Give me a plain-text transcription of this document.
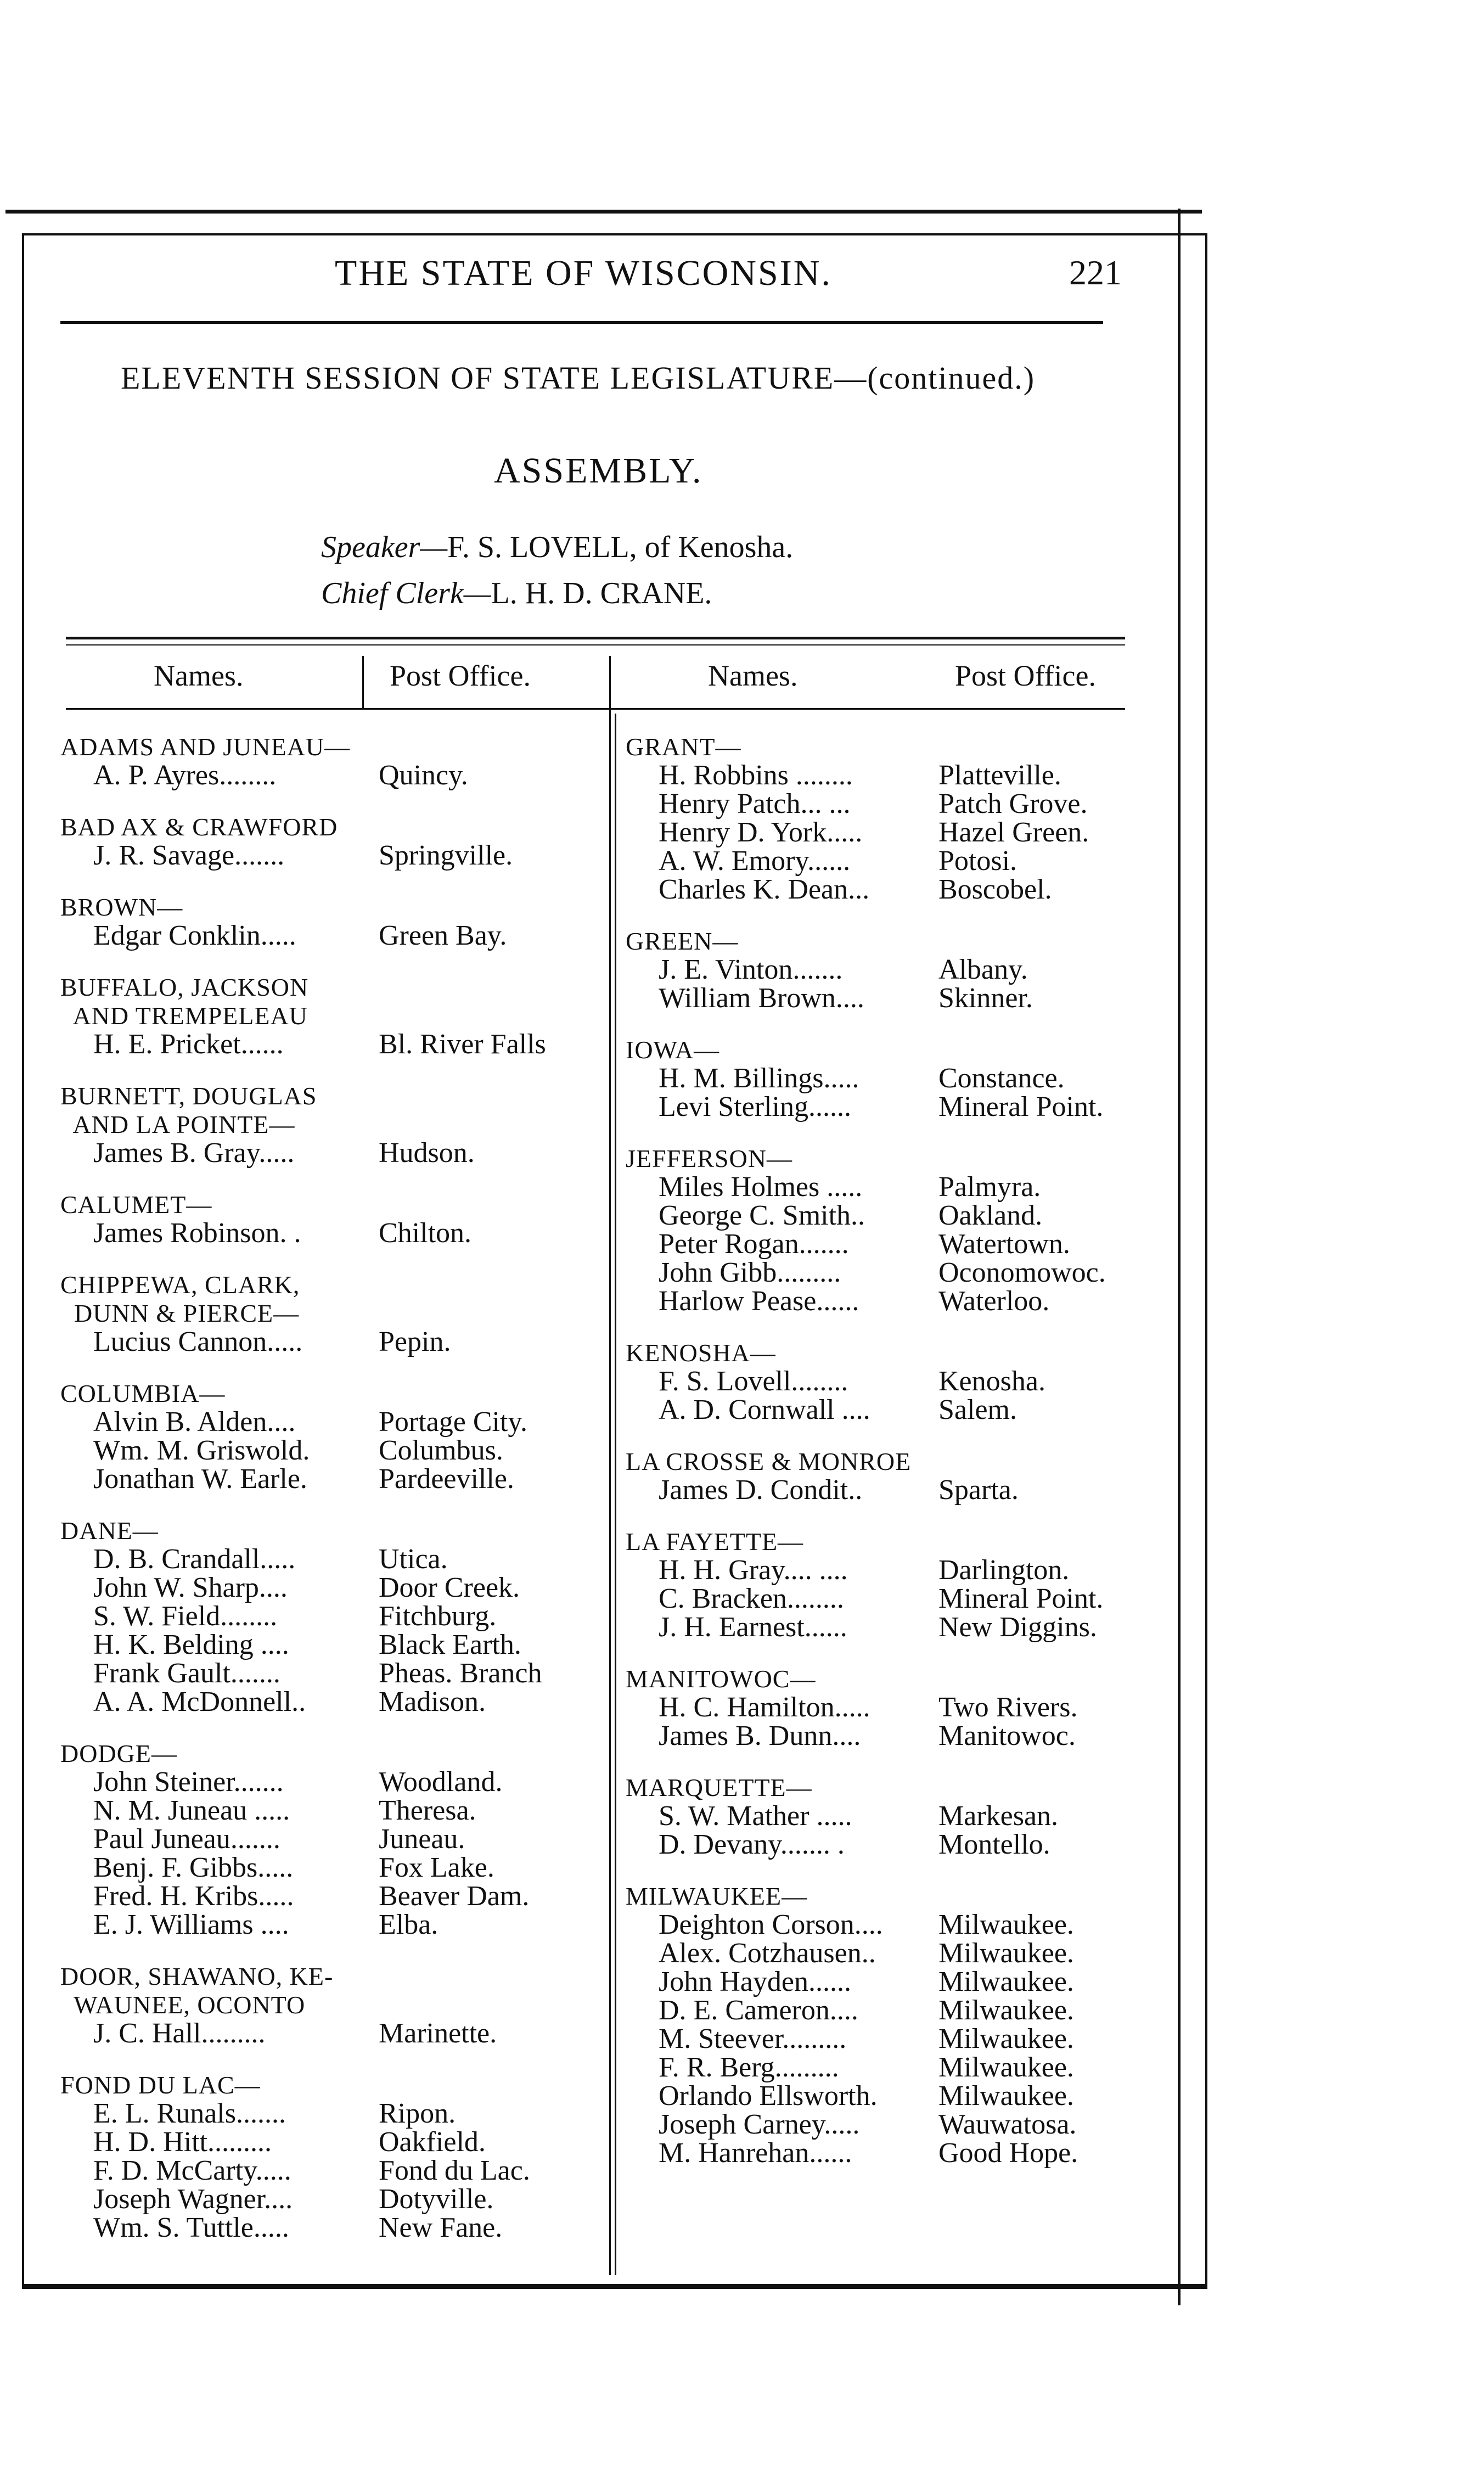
THE STATE OF WISCONSIN.	221
ELEVENTH SESSION OF STATE LEGISLATURE—(continued.)
ASSEMBLY.
Speaker—F. S. LOVELL, of Kenosha.
Chief Clerk—L. H. D. CRANE.
Names.	Post Office.	Names.	Post Office.
ADAMS AND JUNEAU—
A. P. Ayres........	Quincy.
BAD AX & CRAWFORD
J. R. Savage.......	Springville.
BROWN—
Edgar Conklin.....	Green Bay.
BUFFALO, JACKSON
AND TREMPELEAU
H. E. Pricket......	Bl. River Falls
BURNETT, DOUGLAS
AND LA POINTE—
James B. Gray.....	Hudson.
CALUMET—
James Robinson. .	Chilton.
CHIPPEWA, CLARK,
DUNN & PIERCE—
Lucius Cannon.....	Pepin.
COLUMBIA—
Alvin B. Alden....	Portage City.
Wm. M. Griswold. Columbus.
Jonathan W. Earle.	Pardeeville.
DANE—
D. B. Crandall.....	Utica.
John W. Sharp....	Door Creek.
S. W. Field........	Fitchburg.
H. K. Belding ....	Black Earth.
Frank Gault.......	Pheas. Branch
A. A. McDonnell..	Madison.
DODGE—
John Steiner.......	Woodland.
N. M. Juneau .....	Theresa.
Paul Juneau.......	Juneau.
Benj. F. Gibbs.....	Fox Lake.
Fred. H. Kribs.....	Beaver Dam.
E. J. Williams ....	Elba.
DOOR, SHAWANO, KE-
WAUNEE, OCONTO
J. C. Hall.........	Marinette.
FOND DU LAC—
E. L. Runals.......	Ripon.
H. D. Hitt.........	Oakfield.
F. D. McCarty.....	Fond du Lac.
Joseph Wagner....	Dotyville.
Wm. S. Tuttle.....	New Fane.
GRANT—
H. Robbins ........	Platteville.
Henry Patch... ...	Patch Grove.
Henry D. York.....	Hazel Green.
A. W. Emory......	Potosi.
Charles K. Dean... Boscobel.
GREEN—
J. E. Vinton.......	Albany.
William Brown....	Skinner.
IOWA—
H. M. Billings.....	Constance.
Levi Sterling......	Mineral Point.
JEFFERSON—
Miles Holmes .....	Palmyra.
George C. Smith..	Oakland.
Peter Rogan.......	Watertown.
John Gibb.........	Oconomowoc.
Harlow Pease......	Waterloo.
KENOSHA—
F. S. Lovell........	Kenosha.
A. D. Cornwall .... Salem.
LA CROSSE & MONROE
James D. Condit..	Sparta.
LA FAYETTE—
H. H. Gray.... ....	Darlington.
C. Bracken........	Mineral Point.
J. H. Earnest......	New Diggins.
MANITOWOC—
H. C. Hamilton..... Two Rivers.
James B. Dunn....	Manitowoc.
MARQUETTE—
S. W. Mather .....	Markesan.
D. Devany....... .	Montello.
MILWAUKEE—
Deighton Corson.... Milwaukee.
Alex. Cotzhausen.. Milwaukee.
John Hayden......	Milwaukee.
D. E. Cameron....	Milwaukee.
M. Steever.........	Milwaukee.
F. R. Berg.........	Milwaukee.
Orlando Ellsworth. Milwaukee.
Joseph Carney.....	Wauwatosa.
M. Hanrehan......	Good Hope.
